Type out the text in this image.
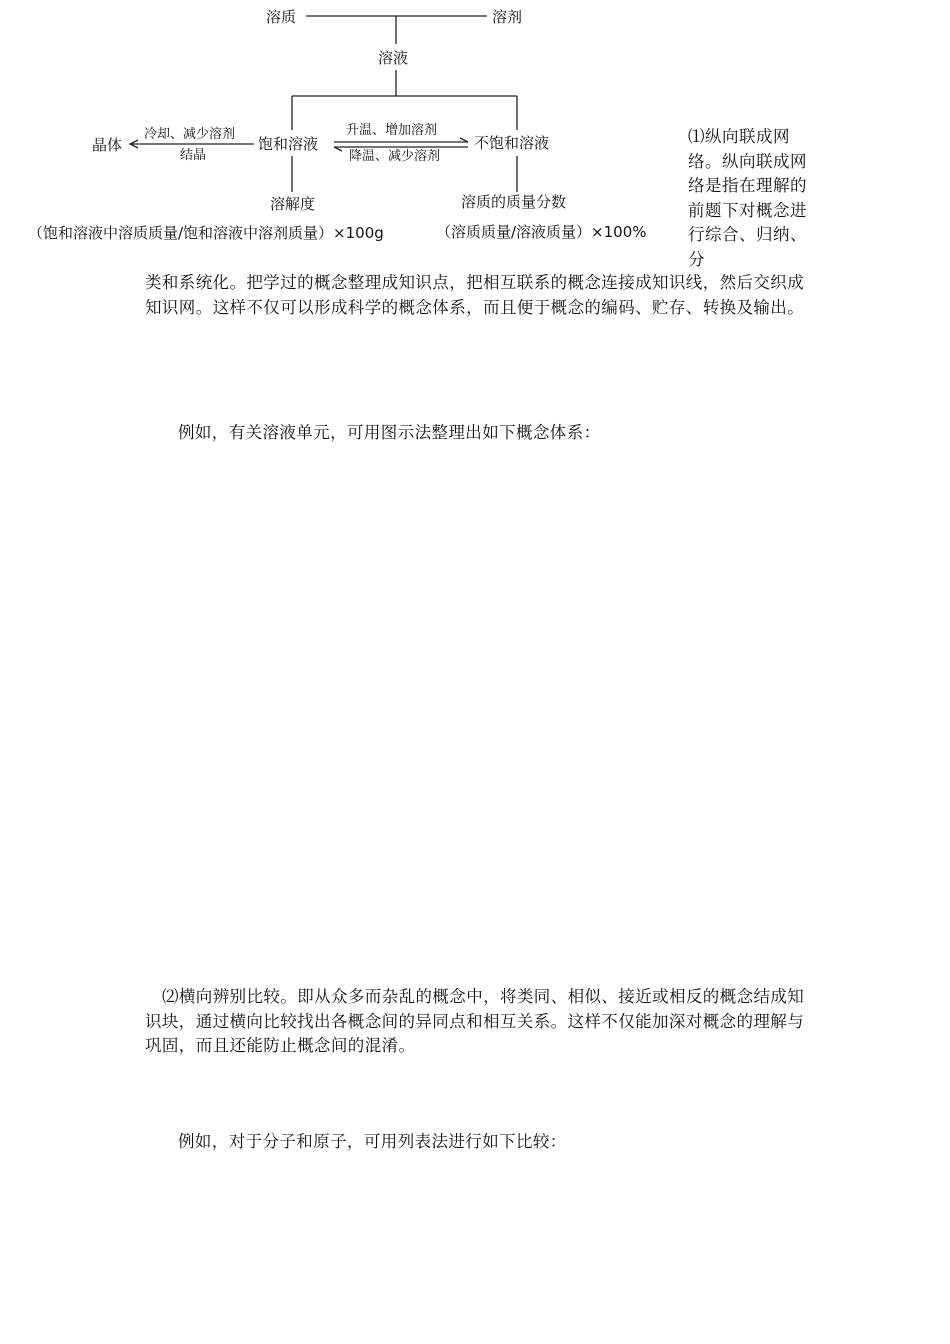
溶质	溶剂
溶液
晶体
冷却、减少溶剂
结晶
饱和溶液
升温、增加溶剂
降温、减少溶剂
不饱和溶液
溶解度	溶质的质量分数
（饱和溶液中溶质质量/饱和溶液中溶剂质量）×100g	（溶质质量/溶液质量）×100%
⑴纵向联成网络。纵向联成网络是指在理解的前题下对概念进行综合、归纳、分
类和系统化。把学过的概念整理成知识点，把相互联系的概念连接成知识线，然后交织成知识网。这样不仅可以形成科学的概念体系，而且便于概念的编码、贮存、转换及输出。
例如，有关溶液单元，可用图示法整理出如下概念体系：
⑵横向辨别比较。即从众多而杂乱的概念中，将类同、相似、接近或相反的概念结成知识块，通过横向比较找出各概念间的异同点和相互关系。这样不仅能加深对概念的理解与巩固，而且还能防止概念间的混淆。
例如，对于分子和原子，可用列表法进行如下比较：
